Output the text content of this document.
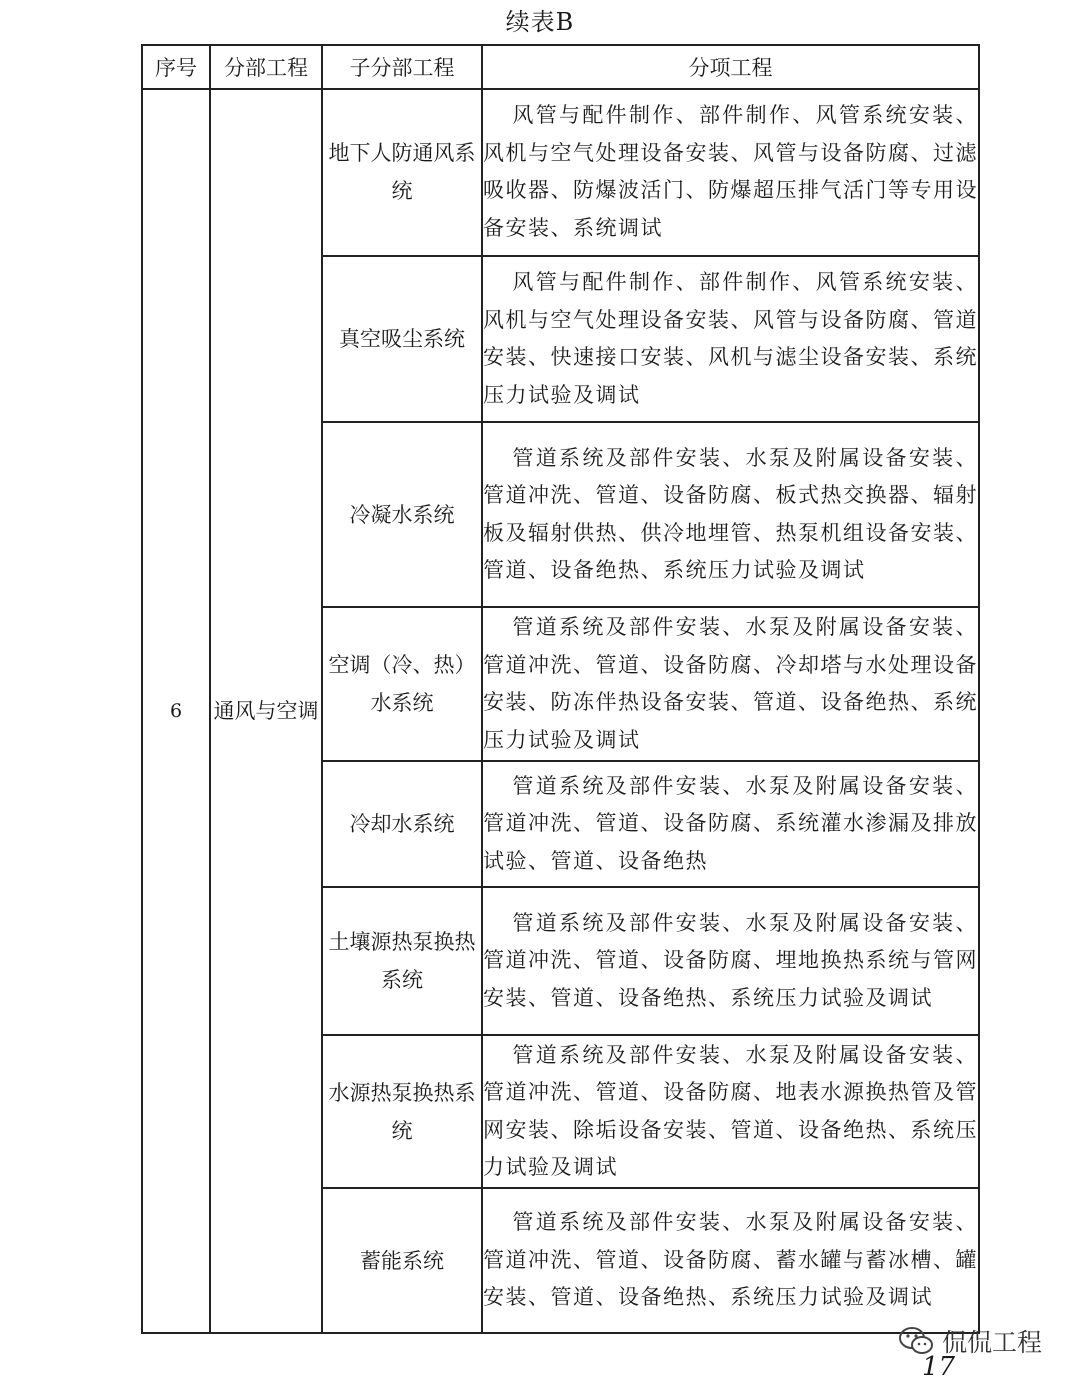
续表B
序号	分部工程	子分部工程	分项工程
6	通风与空调	地下人防通风系统	风管与配件制作、部件制作、风管系统安装、风机与空气处理设备安装、风管与设备防腐、过滤吸收器、防爆波活门、防爆超压排气活门等专用设备安装、系统调试
		真空吸尘系统	风管与配件制作、部件制作、风管系统安装、风机与空气处理设备安装、风管与设备防腐、管道安装、快速接口安装、风机与滤尘设备安装、系统压力试验及调试
		冷凝水系统	管道系统及部件安装、水泵及附属设备安装、管道冲洗、管道、设备防腐、板式热交换器、辐射板及辐射供热、供冷地埋管、热泵机组设备安装、管道、设备绝热、系统压力试验及调试
		空调（冷、热）水系统	管道系统及部件安装、水泵及附属设备安装、管道冲洗、管道、设备防腐、冷却塔与水处理设备安装、防冻伴热设备安装、管道、设备绝热、系统压力试验及调试
		冷却水系统	管道系统及部件安装、水泵及附属设备安装、管道冲洗、管道、设备防腐、系统灌水渗漏及排放试验、管道、设备绝热
		土壤源热泵换热系统	管道系统及部件安装、水泵及附属设备安装、管道冲洗、管道、设备防腐、埋地换热系统与管网安装、管道、设备绝热、系统压力试验及调试
		水源热泵换热系统	管道系统及部件安装、水泵及附属设备安装、管道冲洗、管道、设备防腐、地表水源换热管及管网安装、除垢设备安装、管道、设备绝热、系统压力试验及调试
		蓄能系统	管道系统及部件安装、水泵及附属设备安装、管道冲洗、管道、设备防腐、蓄水罐与蓄冰槽、罐安装、管道、设备绝热、系统压力试验及调试
侃侃工程
17
